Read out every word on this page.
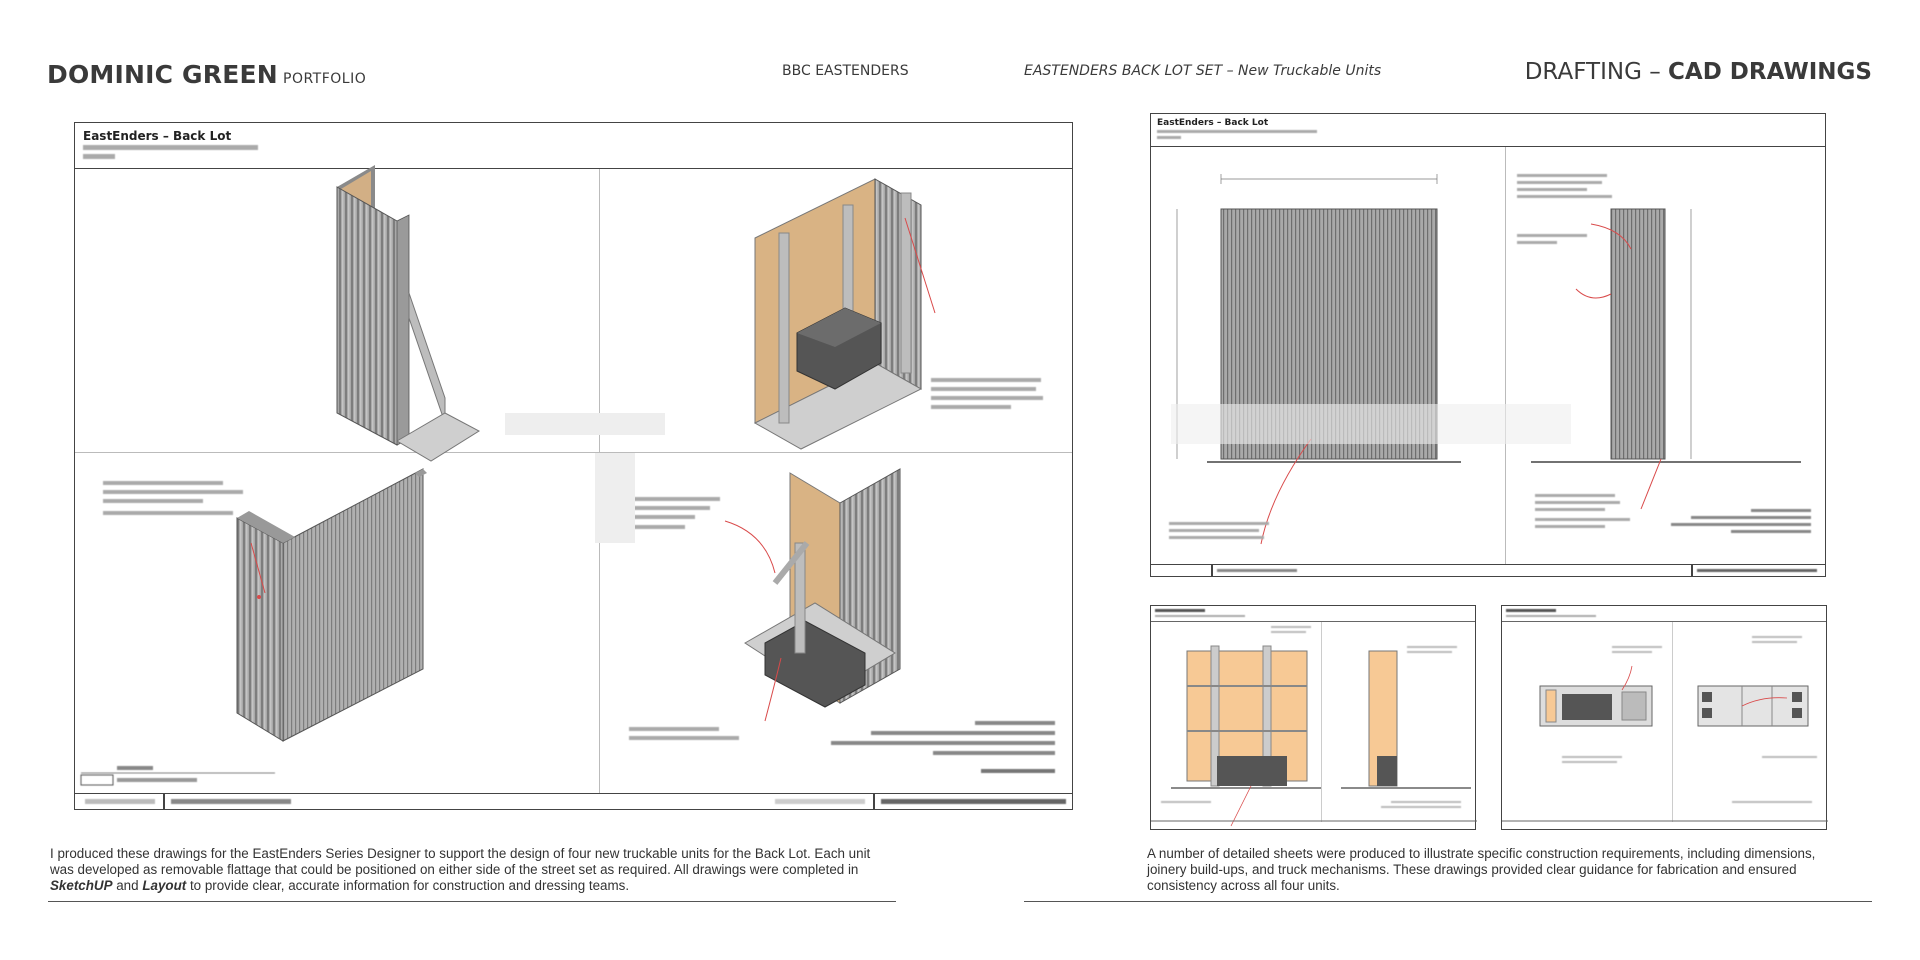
DOMINIC GREEN PORTFOLIO	BBC EASTENDERS	EASTENDERS BACK LOT SET – New Truckable Units	DRAFTING – CAD DRAWINGS
EastEnders – Back Lot
EastEnders – Back Lot
I produced these drawings for the EastEnders Series Designer to support the design of four new truckable units for the Back Lot. Each unit was developed as removable flattage that could be positioned on either side of the street set as required. All drawings were completed in SketchUP and Layout to provide clear, accurate information for construction and dressing teams.
A number of detailed sheets were produced to illustrate specific construction requirements, including dimensions, joinery build-ups, and truck mechanisms. These drawings provided clear guidance for fabrication and ensured consistency across all four units.
